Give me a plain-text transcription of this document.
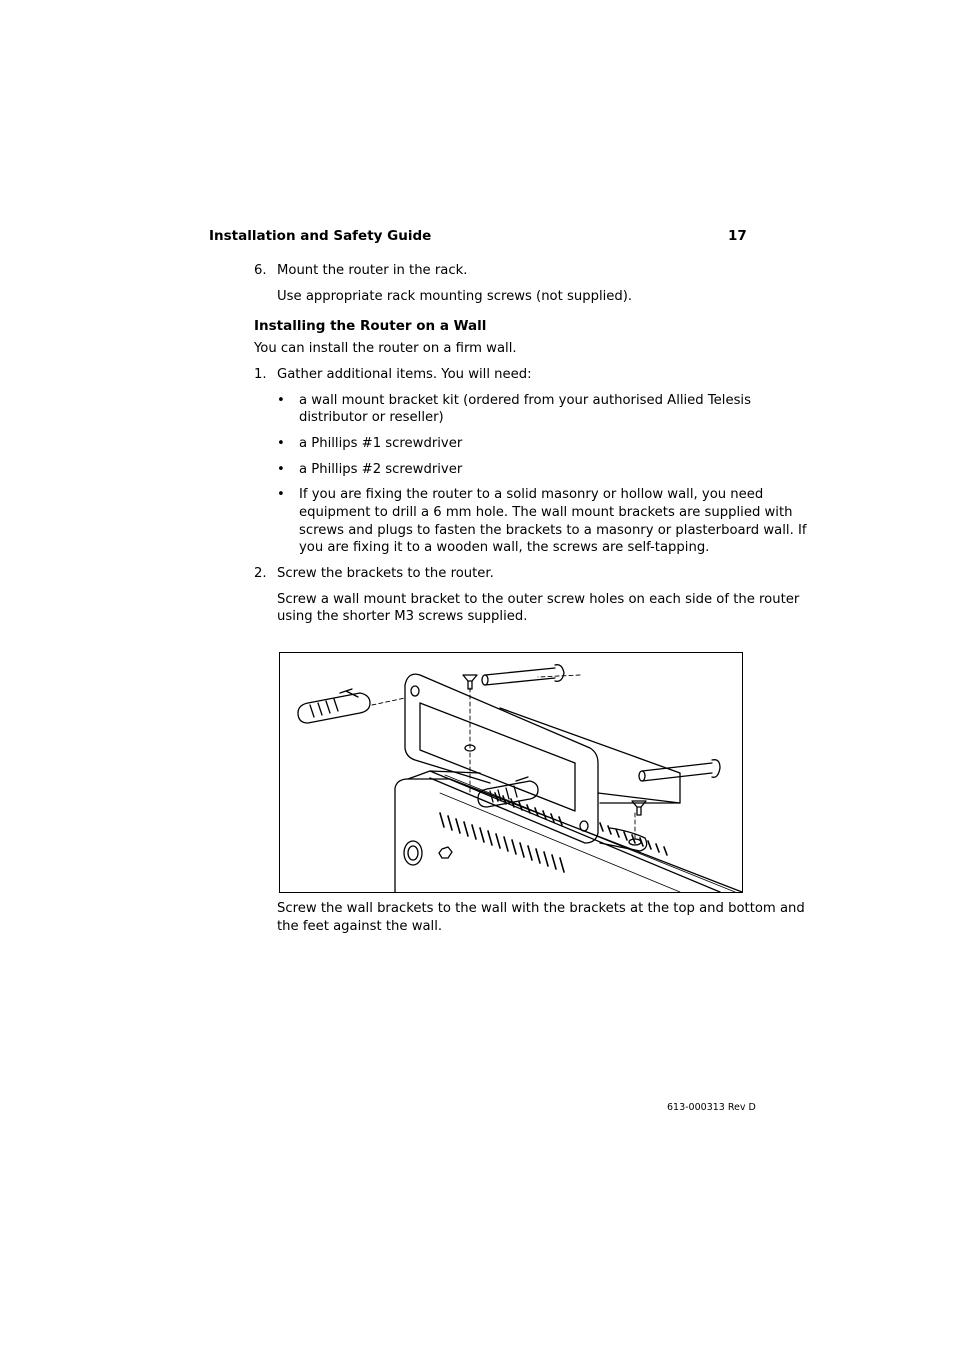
Installation and Safety Guide	17
6. Mount the router in the rack.
Use appropriate rack mounting screws (not supplied).
Installing the Router on a Wall
You can install the router on a firm wall.
1. Gather additional items. You will need:
• a wall mount bracket kit (ordered from your authorised Allied Telesis
distributor or reseller)
• a Phillips #1 screwdriver
• a Phillips #2 screwdriver
• If you are fixing the router to a solid masonry or hollow wall, you need
equipment to drill a 6 mm hole. The wall mount brackets are supplied with
screws and plugs to fasten the brackets to a masonry or plasterboard wall. If
you are fixing it to a wooden wall, the screws are self-tapping.
2. Screw the brackets to the router.
Screw a wall mount bracket to the outer screw holes on each side of the router
using the shorter M3 screws supplied.
Screw the wall brackets to the wall with the brackets at the top and bottom and
the feet against the wall.
613-000313 Rev D
